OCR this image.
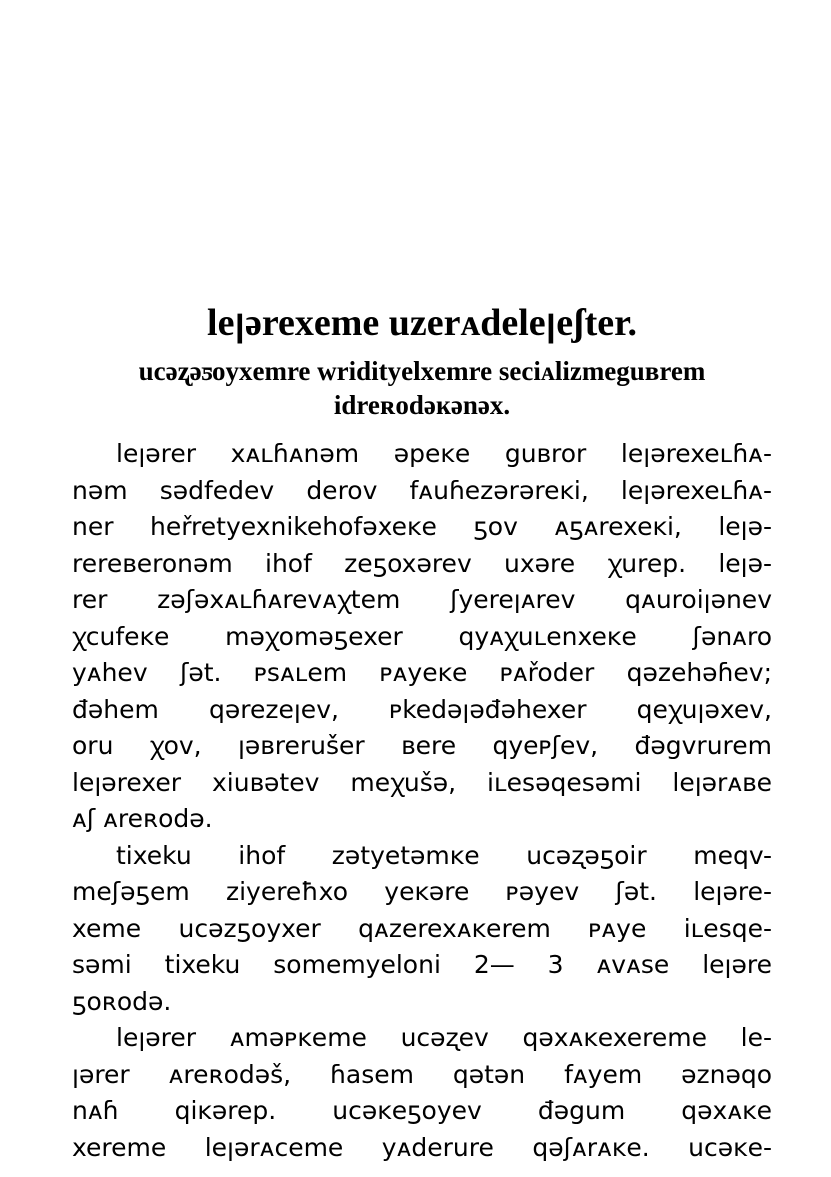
leꞁərexeme uzerᴀdeleꞁeʃter.
ucəʐəƽoyxemre wridityelxemre seciᴀlizmeguʙrem
idreʀodəĸənəx.
leꞁərer xᴀʟɦᴀnəm əpeĸe guʙror leꞁərexeʟɦᴀ-
nəm sədfedev derov fᴀuɦezərəreĸi, leꞁərexeʟɦᴀ-
ner heřretyexnikehofəxeĸe ƽov ᴀƽᴀrexeĸi, leꞁə-
rereʙeronəm ihof zeƽoxərev uxəre ꭓurep. leꞁə-
rer zəʃəxᴀʟɦᴀrevᴀꭓtem ʃyereꞁᴀrev qᴀuroiꞁənev
ꭓcufeĸe məꭓoməƽexer qyᴀꭓuʟenxeĸe ʃənᴀro
yᴀhev ʃət. ᴘsᴀʟem ᴘᴀyeĸe ᴘᴀřoder qəzehəɦev;
đəhem qərezeꞁev, ᴘkedəꞁəđəhexer qeꭓuꞁəxev,
oru ꭓov, ꞁəʙreruš̌er ʙere qyeᴘʃev, đəgvrurem
leꞁərexer xiuʙətev meꭓušə, iʟesəqesəmi leꞁərᴀʙe
ᴀʃ ᴀreʀodə.
tixeku ihof zətyetəmĸe ucəʐəƽoir meqv-
meʃəƽem ziyereħxo yeĸəre ᴘəyev ʃət. leꞁəre-
xeme ucəzƽoyxer qᴀzerexᴀĸerem ᴘᴀye iʟesqe-
səmi tixeku somemyeloni 2— 3 ᴀvᴀse leꞁəre
ƽoʀodə.
leꞁərer ᴀməᴘĸeme ucəʐev qəxᴀĸexereme le-
ꞁərer ᴀreʀodəš, ɦasem qətən fᴀyem əznəqo
nᴀɦ qiĸərep. ucəĸeƽoyev đəgum qəxᴀĸe
xereme leꞁərᴀceme yᴀderure qəʃᴀrᴀĸe. ucəĸe-
